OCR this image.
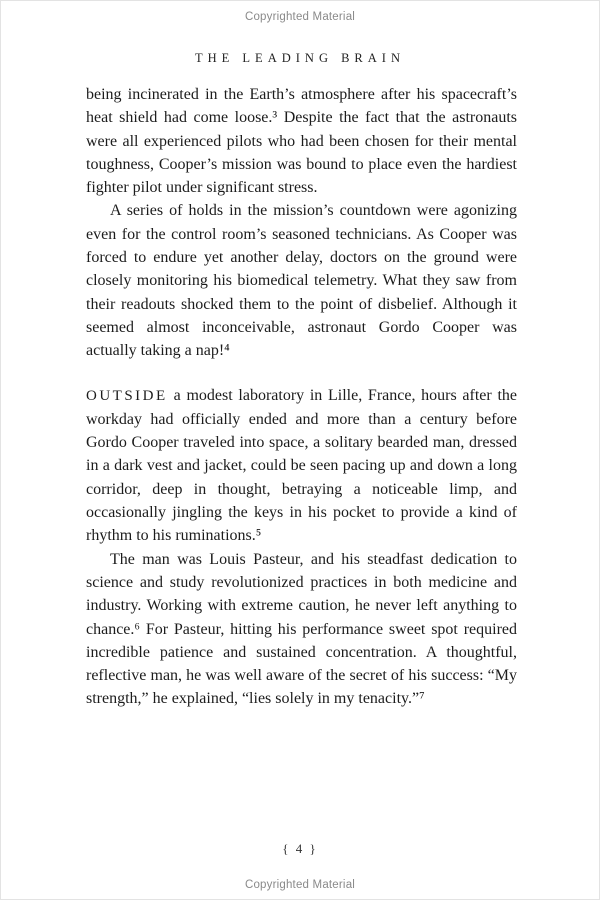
Copyrighted Material
THE LEADING BRAIN

being incinerated in the Earth’s atmosphere after his spacecraft’s heat shield had come loose.³ Despite the fact that the astronauts were all experienced pilots who had been chosen for their mental toughness, Cooper’s mission was bound to place even the hardiest fighter pilot under significant stress.

A series of holds in the mission’s countdown were agonizing even for the control room’s seasoned technicians. As Cooper was forced to endure yet another delay, doctors on the ground were closely monitoring his biomedical telemetry. What they saw from their readouts shocked them to the point of disbelief. Although it seemed almost inconceivable, astronaut Gordo Cooper was actually taking a nap!⁴

OUTSIDE a modest laboratory in Lille, France, hours after the workday had officially ended and more than a century before Gordo Cooper traveled into space, a solitary bearded man, dressed in a dark vest and jacket, could be seen pacing up and down a long corridor, deep in thought, betraying a noticeable limp, and occasionally jingling the keys in his pocket to provide a kind of rhythm to his ruminations.⁵

The man was Louis Pasteur, and his steadfast dedication to science and study revolutionized practices in both medicine and industry. Working with extreme caution, he never left anything to chance.⁶ For Pasteur, hitting his performance sweet spot required incredible patience and sustained concentration. A thoughtful, reflective man, he was well aware of the secret of his success: “My strength,” he explained, “lies solely in my tenacity.”⁷

{ 4 }
Copyrighted Material
